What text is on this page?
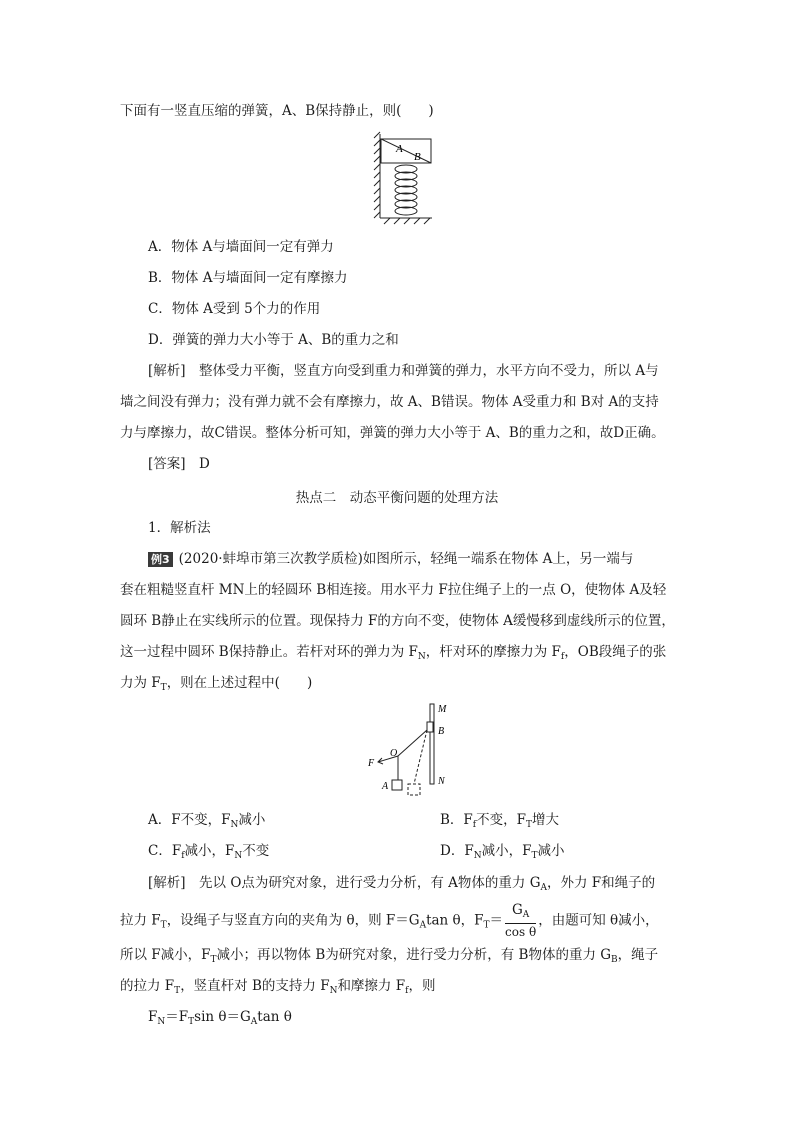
下面有一竖直压缩的弹簧，A、B保持静止，则(　　)
A
B
A．物体 A与墙面间一定有弹力
B．物体 A与墙面间一定有摩擦力
C．物体 A受到 5个力的作用
D．弹簧的弹力大小等于 A、B的重力之和
[解析]　整体受力平衡，竖直方向受到重力和弹簧的弹力，水平方向不受力，所以 A与
墙之间没有弹力；没有弹力就不会有摩擦力，故 A、B错误。物体 A受重力和 B对 A的支持
力与摩擦力，故C错误。整体分析可知，弹簧的弹力大小等于 A、B的重力之和，故D正确。
[答案]　D
热点二　动态平衡问题的处理方法
1．解析法
例3 (2020·蚌埠市第三次教学质检)如图所示，轻绳一端系在物体 A上，另一端与
套在粗糙竖直杆 MN上的轻圆环 B相连接。用水平力 F拉住绳子上的一点 O，使物体 A及轻
圆环 B静止在实线所示的位置。现保持力 F的方向不变，使物体 A缓慢移到虚线所示的位置，
这一过程中圆环 B保持静止。若杆对环的弹力为 $F_N$，杆对环的摩擦力为 $F_f$，OB段绳子的张
力为 $F_T$，则在上述过程中(　　)
M
B
F
O
N
A
A．F不变，$F_N$减小	B．$F_f$不变，$F_T$增大
C．$F_f$减小，$F_N$不变	D．$F_N$减小，$F_T$减小
[解析]　先以 O点为研究对象，进行受力分析，有 A物体的重力 $G_A$，外力 F和绳子的
拉力 $F_T$，设绳子与竖直方向的夹角为 θ，则 $F=G_A\tan$ θ，$F_T= \frac{G_A}{\text{cos θ}}$ ，由题可知 θ减小，
所以 F减小，$F_T$减小；再以物体 B为研究对象，进行受力分析，有 B物体的重力 $G_B$，绳子
的拉力 $F_T$，竖直杆对 B的支持力 $F_N$和摩擦力 $F_f$，则
$F_N=F_T\sin$ $\theta=G_A\tan$ θ
